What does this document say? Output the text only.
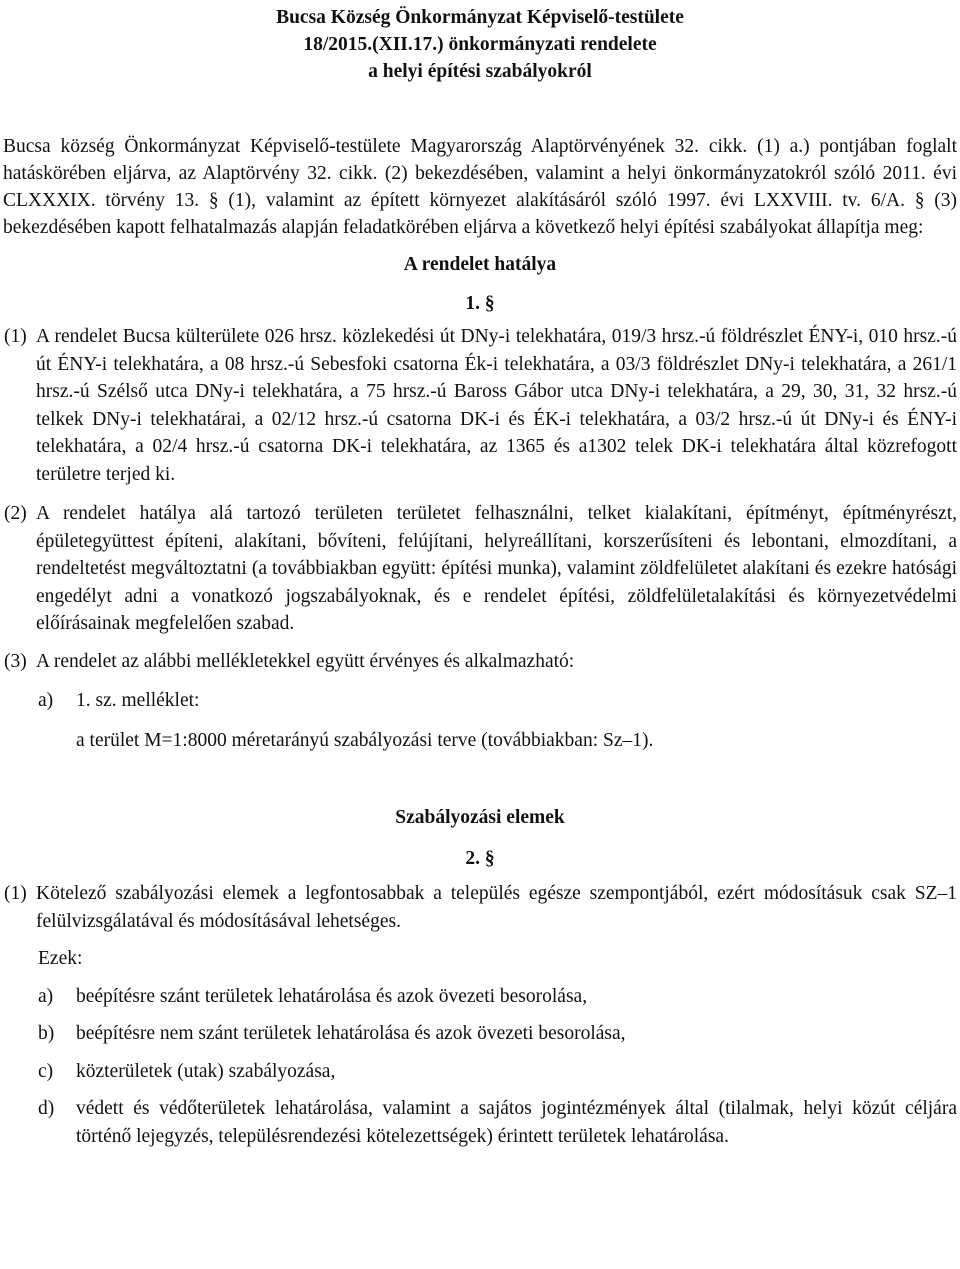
Bucsa Község Önkormányzat Képviselő-testülete
18/2015.(XII.17.) önkormányzati rendelete
a helyi építési szabályokról
Bucsa község Önkormányzat Képviselő-testülete Magyarország Alaptörvényének 32. cikk. (1) a.) pontjában foglalt hatáskörében eljárva, az Alaptörvény 32. cikk. (2) bekezdésében, valamint a helyi önkormányzatokról szóló 2011. évi CLXXXIX. törvény 13. § (1), valamint az épített környezet alakításáról szóló 1997. évi LXXVIII. tv. 6/A. § (3) bekezdésében kapott felhatalmazás alapján feladatkörében eljárva a következő helyi építési szabályokat állapítja meg:
A rendelet hatálya
1. §
(1) A rendelet Bucsa külterülete 026 hrsz. közlekedési út DNy-i telekhatára, 019/3 hrsz.-ú földrészlet ÉNY-i, 010 hrsz.-ú út ÉNY-i telekhatára, a 08 hrsz.-ú Sebesfoki csatorna Ék-i telekhatára, a 03/3 földrészlet DNy-i telekhatára, a 261/1 hrsz.-ú Szélső utca DNy-i telekhatára, a 75 hrsz.-ú Baross Gábor utca DNy-i telekhatára, a 29, 30, 31, 32 hrsz.-ú telkek DNy-i telekhatárai, a 02/12 hrsz.-ú csatorna DK-i és ÉK-i telekhatára, a 03/2 hrsz.-ú út DNy-i és ÉNY-i telekhatára, a 02/4 hrsz.-ú csatorna DK-i telekhatára, az 1365 és a1302 telek DK-i telekhatára által közrefogott területre terjed ki.
(2) A rendelet hatálya alá tartozó területen területet felhasználni, telket kialakítani, építményt, építményrészt, épületegyüttest építeni, alakítani, bővíteni, felújítani, helyreállítani, korszerűsíteni és lebontani, elmozdítani, a rendeltetést megváltoztatni (a továbbiakban együtt: építési munka), valamint zöldfelületet alakítani és ezekre hatósági engedélyt adni a vonatkozó jogszabályoknak, és e rendelet építési, zöldfelületalakítási és környezetvédelmi előírásainak megfelelően szabad.
(3) A rendelet az alábbi mellékletekkel együtt érvényes és alkalmazható:
a) 1. sz. melléklet:
a terület M=1:8000 méretarányú szabályozási terve (továbbiakban: Sz–1).
Szabályozási elemek
2. §
(1) Kötelező szabályozási elemek a legfontosabbak a település egésze szempontjából, ezért módosításuk csak SZ–1 felülvizsgálatával és módosításával lehetséges.
Ezek:
a) beépítésre szánt területek lehatárolása és azok övezeti besorolása,
b) beépítésre nem szánt területek lehatárolása és azok övezeti besorolása,
c) közterületek (utak) szabályozása,
d) védett és védőterületek lehatárolása, valamint a sajátos jogintézmények által (tilalmak, helyi közút céljára történő lejegyzés, településrendezési kötelezettségek) érintett területek lehatárolása.
